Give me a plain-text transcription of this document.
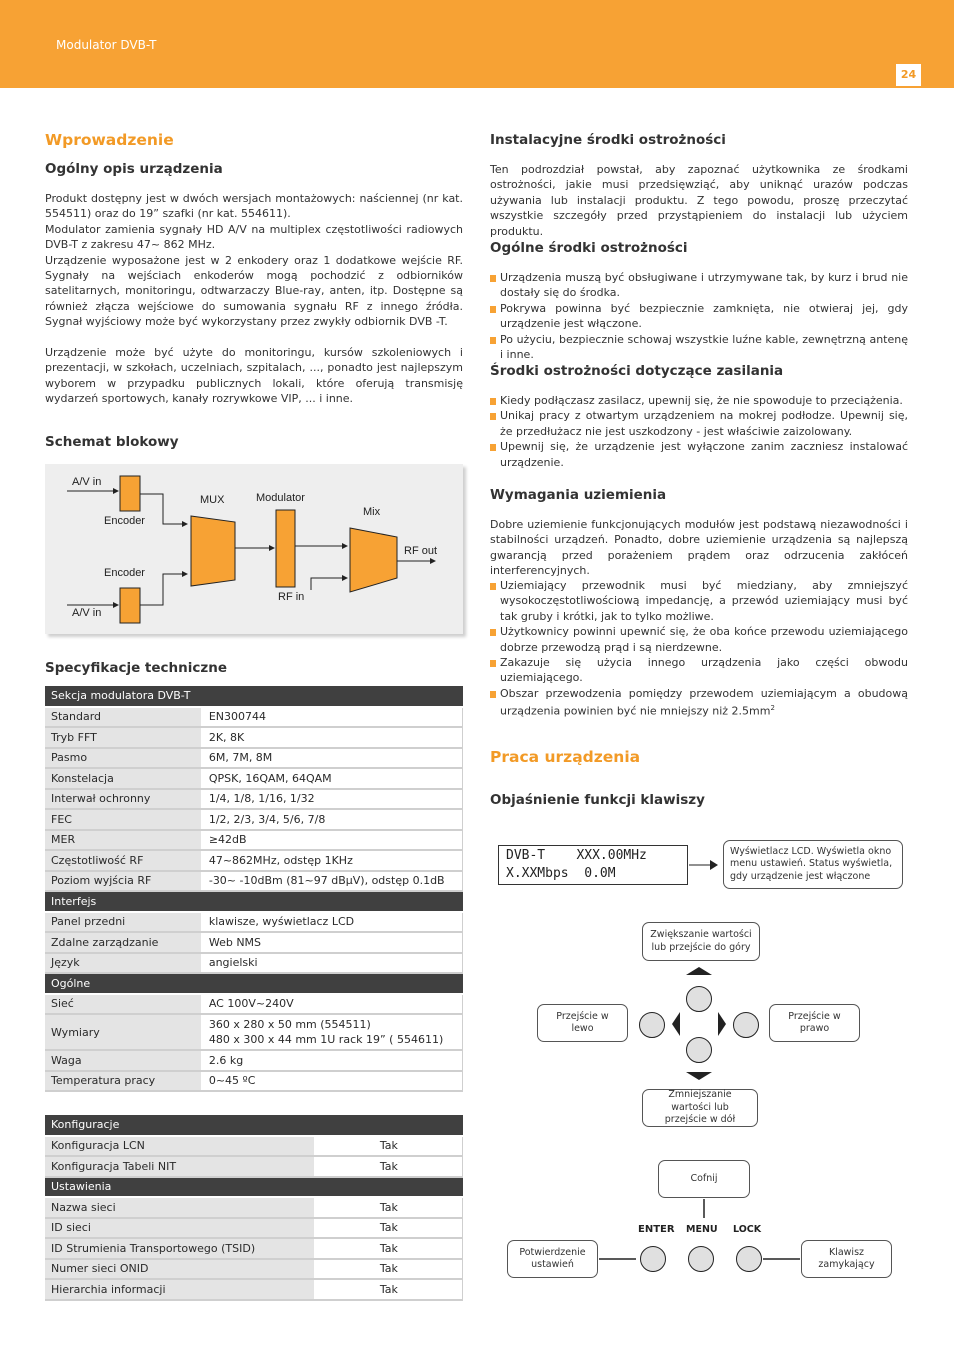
Modulator DVB-T
24
Wprowadzenie
Ogólny opis urządzenia

Produkt dostępny jest w dwóch wersjach montażowych: naściennej (nr kat. 554511) oraz do 19” szafki (nr kat. 554611).

Modulator zamienia sygnały HD A/V na multiplex częstotliwości radiowych DVB-T z zakresu 47~ 862 MHz.

Urządzenie wyposażone jest w 2 enkodery oraz 1 dodatkowe wejście RF. Sygnały na wejściach enkoderów mogą pochodzić z odbiorników satelitarnych, monitoringu, odtwarzaczy Blue-ray, anten, itp. Dostępne są również złącza wejściowe do sumowania sygnału RF z innego źródła. Sygnał wyjściowy może być wykorzystany przez zwykły odbiornik DVB -T.

Urządzenie może być użyte do monitoringu, kursów szkoleniowych i prezentacji, w szkołach, uczelniach, szpitalach, ..., ponadto jest najlepszym wyborem w przypadku publicznych lokali, które oferują transmisję wydarzeń sportowych, kanały rozrywkowe VIP, ... i inne.

Schemat blokowy
A/V in
Encoder
Encoder
A/V in
MUX	Modulator
RF in
Mix
RF out
Specyfikacje techniczne
Sekcja modulatora DVB-T	
Standard	EN300744
Tryb FFT	2K, 8K
Pasmo	6M, 7M, 8M
Konstelacja	QPSK, 16QAM, 64QAM
Interwał ochronny	1/4, 1/8, 1/16, 1/32
FEC	1/2, 2/3, 3/4, 5/6, 7/8
MER	≥42dB
Częstotliwość RF	47~862MHz, odstęp 1KHz
Poziom wyjścia RF	-30~ -10dBm (81~97 dBμV), odstęp 0.1dB
Interfejs	
Panel przedni	klawisze, wyświetlacz LCD
Zdalne zarządzanie	Web NMS
Język	angielski
Ogólne	
Sieć	AC 100V~240V
Wymiary	360 x 280 x 50 mm (554511)
480 x 300 x 44 mm 1U rack 19” ( 554611)
Waga	2.6 kg
Temperatura pracy	0~45 ºC
Konfiguracje	
Konfiguracja LCN	Tak
Konfiguracja Tabeli NIT	Tak
Ustawienia	
Nazwa sieci	Tak
ID sieci	Tak
ID Strumienia Transportowego (TSID)	Tak
Numer sieci ONID	Tak
Hierarchia informacji	Tak
Instalacyjne środki ostrożności
Ten podrozdział powstał, aby zapoznać użytkownika ze środkami ostrożności, jakie musi przedsięwziąć, aby uniknąć urazów podczas używania lub instalacji produktu. Z tego powodu, proszę przeczytać wszystkie szczegóły przed przystąpieniem do instalacji lub użyciem produktu.
Ogólne środki ostrożności
Urządzenia muszą być obsługiwane i utrzymywane tak, by kurz i brud nie dostały się do środka.
Pokrywa powinna być bezpiecznie zamknięta, nie otwieraj jej, gdy urządzenie jest włączone.
Po użyciu, bezpiecznie schowaj wszystkie luźne kable, zewnętrzną antenę i inne.
Środki ostrożności dotyczące zasilania
Kiedy podłączasz zasilacz, upewnij się, że nie spowoduje to przeciążenia.
Unikaj pracy z otwartym urządzeniem na mokrej podłodze. Upewnij się, że przedłużacz nie jest uszkodzony - jest właściwie zaizolowany.
Upewnij się, że urządzenie jest wyłączone zanim zaczniesz instalować urządzenie.
Wymagania uziemienia
Dobre uziemienie funkcjonujących modułów jest podstawą niezawodności i stabilności urządzeń. Ponadto, dobre uziemienie urządzenia są najlepszą gwarancją przed porażeniem prądem oraz odrzucenia zakłóceń interferencyjnych.
Uziemiający przewodnik musi być miedziany, aby zmniejszyć wysokoczęstotliwościową impedancję, a przewód uziemiający musi być tak gruby i krótki, jak to tylko możliwe.
Użytkownicy powinni upewnić się, że oba końce przewodu uziemiającego dobrze przewodzą prąd i są nierdzewne.
Zakazuje się użycia innego urządzenia jako części obwodu uziemiającego.
Obszar przewodzenia pomiędzy przewodem uziemiającym a obudową urządzenia powinien być nie mniejszy niż $2.5mm^2$
Praca urządzenia
Objaśnienie funkcji klawiszy
DVB-T    XXX.00MHz
X.XXMbps  0.0M
Wyświetlacz LCD. Wyświetla okno menu ustawień. Status wyświetla, gdy urządzenie jest włączone
Zwiększanie wartości lub przejście do góry
Przejście w lewo
Przejście w prawo
Zmniejszanie wartości lub przejście w dół
Cofnij
Potwierdzenie ustawień
Klawisz zamykający
ENTER MENU LOCK
